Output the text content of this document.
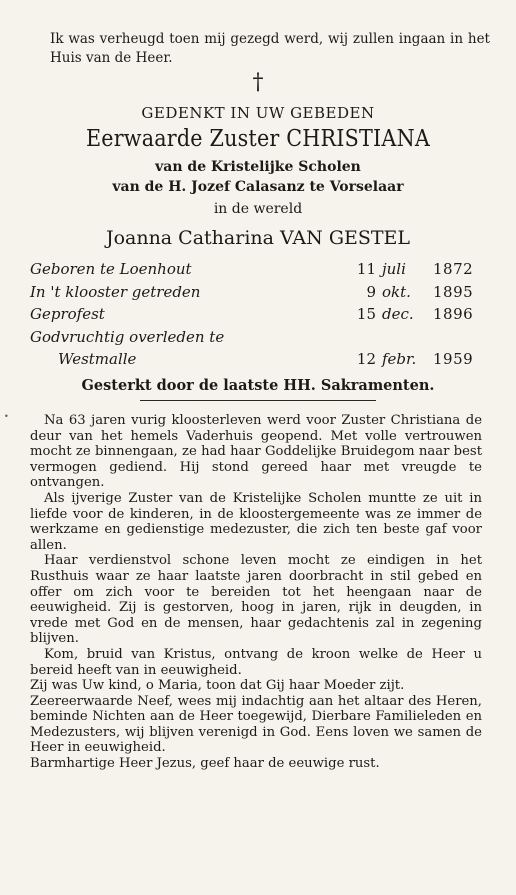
Ik was verheugd toen mij gezegd werd, wij zullen ingaan in het Huis van de Heer.
†
GEDENKT IN UW GEBEDEN
Eerwaarde Zuster CHRISTIANA
van de Kristelijke Scholen
van de H. Jozef Calasanz te Vorselaar
in de wereld
Joanna Catharina VAN GESTEL
Geboren te Loenhout	11 juli 1872
In 't klooster getreden	9 okt. 1895
Geprofest	15 dec. 1896
Godvruchtig overleden te
Westmalle	12 febr. 1959
Gesterkt door de laatste HH. Sakramenten.
•	Na 63 jaren vurig kloosterleven werd voor Zuster Christiana de deur van het hemels Vaderhuis geopend. Met volle vertrouwen mocht ze binnengaan, ze had haar Goddelijke Bruidegom naar best vermogen gediend. Hij stond gereed haar met vreugde te ontvangen.

Als ijverige Zuster van de Kristelijke Scholen muntte ze uit in liefde voor de kinderen, in de kloostergemeente was ze immer de werkzame en gedienstige medezuster, die zich ten beste gaf voor allen.

Haar verdienstvol schone leven mocht ze eindigen in het Rusthuis waar ze haar laatste jaren doorbracht in stil gebed en offer om zich voor te bereiden tot het heengaan naar de eeuwigheid. Zij is gestorven, hoog in jaren, rijk in deugden, in vrede met God en de mensen, haar gedachtenis zal in zegening blijven.

Kom, bruid van Kristus, ontvang de kroon welke de Heer u bereid heeft van in eeuwigheid.

Zij was Uw kind, o Maria, toon dat Gij haar Moeder zijt.

Zeereerwaarde Neef, wees mij indachtig aan het altaar des Heren, beminde Nichten aan de Heer toegewijd, Dierbare Familieleden en Medezusters, wij blijven verenigd in God. Eens loven we samen de Heer in eeuwigheid.

Barmhartige Heer Jezus, geef haar de eeuwige rust.
